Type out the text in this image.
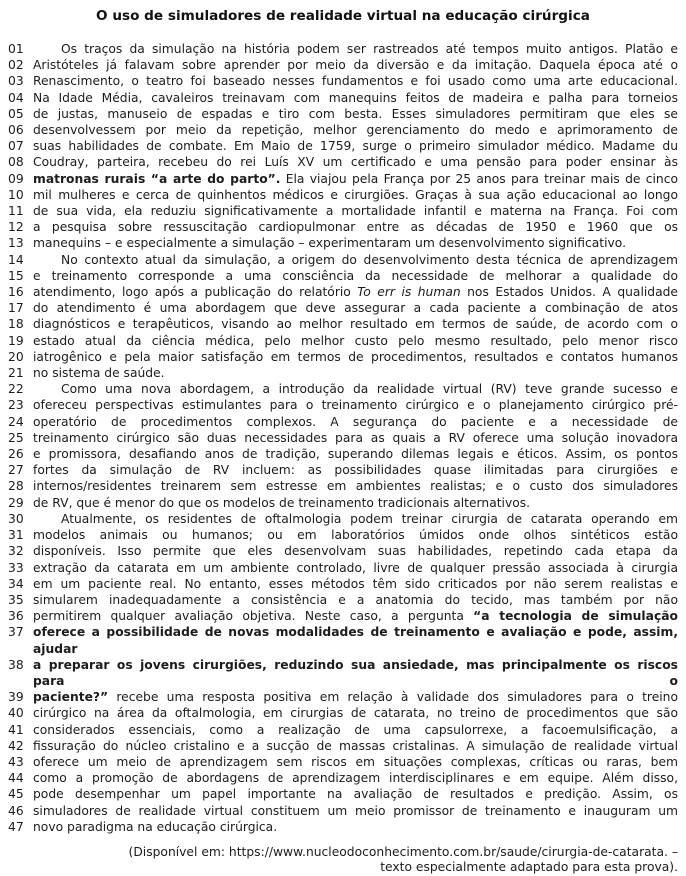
O uso de simuladores de realidade virtual na educação cirúrgica
01	Os traços da simulação na história podem ser rastreados até tempos muito antigos. Platão e
02 Aristóteles já falavam sobre aprender por meio da diversão e da imitação. Daquela época até o
03 Renascimento, o teatro foi baseado nesses fundamentos e foi usado como uma arte educacional.
04 Na Idade Média, cavaleiros treinavam com manequins feitos de madeira e palha para torneios
05 de justas, manuseio de espadas e tiro com besta. Esses simuladores permitiram que eles se
06 desenvolvessem por meio da repetição, melhor gerenciamento do medo e aprimoramento de
07 suas habilidades de combate. Em Maio de 1759, surge o primeiro simulador médico. Madame du
08 Coudray, parteira, recebeu do rei Luís XV um certificado e uma pensão para poder ensinar às
09 matronas rurais “a arte do parto”. Ela viajou pela França por 25 anos para treinar mais de cinco
10 mil mulheres e cerca de quinhentos médicos e cirurgiões. Graças à sua ação educacional ao longo
11 de sua vida, ela reduziu significativamente a mortalidade infantil e materna na França. Foi com
12 a pesquisa sobre ressuscitação cardiopulmonar entre as décadas de 1950 e 1960 que os
13 manequins – e especialmente a simulação – experimentaram um desenvolvimento significativo.
14	No contexto atual da simulação, a origem do desenvolvimento desta técnica de aprendizagem
15 e treinamento corresponde a uma consciência da necessidade de melhorar a qualidade do
16 atendimento, logo após a publicação do relatório To err is human nos Estados Unidos. A qualidade
17 do atendimento é uma abordagem que deve assegurar a cada paciente a combinação de atos
18 diagnósticos e terapêuticos, visando ao melhor resultado em termos de saúde, de acordo com o
19 estado atual da ciência médica, pelo melhor custo pelo mesmo resultado, pelo menor risco
20 iatrogênico e pela maior satisfação em termos de procedimentos, resultados e contatos humanos
21 no sistema de saúde.
22	Como uma nova abordagem, a introdução da realidade virtual (RV) teve grande sucesso e
23 ofereceu perspectivas estimulantes para o treinamento cirúrgico e o planejamento cirúrgico pré-
24 operatório de procedimentos complexos. A segurança do paciente e a necessidade de
25 treinamento cirúrgico são duas necessidades para as quais a RV oferece uma solução inovadora
26 e promissora, desafiando anos de tradição, superando dilemas legais e éticos. Assim, os pontos
27 fortes da simulação de RV incluem: as possibilidades quase ilimitadas para cirurgiões e
28 internos/residentes treinarem sem estresse em ambientes realistas; e o custo dos simuladores
29 de RV, que é menor do que os modelos de treinamento tradicionais alternativos.
30	Atualmente, os residentes de oftalmologia podem treinar cirurgia de catarata operando em
31 modelos animais ou humanos; ou em laboratórios úmidos onde olhos sintéticos estão
32 disponíveis. Isso permite que eles desenvolvam suas habilidades, repetindo cada etapa da
33 extração da catarata em um ambiente controlado, livre de qualquer pressão associada à cirurgia
34 em um paciente real. No entanto, esses métodos têm sido criticados por não serem realistas e
35 simularem inadequadamente a consistência e a anatomia do tecido, mas também por não
36 permitirem qualquer avaliação objetiva. Neste caso, a pergunta “a tecnologia de simulação
37 oferece a possibilidade de novas modalidades de treinamento e avaliação e pode, assim, ajudar
38 a preparar os jovens cirurgiões, reduzindo sua ansiedade, mas principalmente os riscos para o
39 paciente?” recebe uma resposta positiva em relação à validade dos simuladores para o treino
40 cirúrgico na área da oftalmologia, em cirurgias de catarata, no treino de procedimentos que são
41 considerados essenciais, como a realização de uma capsulorrexe, a facoemulsificação, a
42 fissuração do núcleo cristalino e a sucção de massas cristalinas. A simulação de realidade virtual
43 oferece um meio de aprendizagem sem riscos em situações complexas, críticas ou raras, bem
44 como a promoção de abordagens de aprendizagem interdisciplinares e em equipe. Além disso,
45 pode desempenhar um papel importante na avaliação de resultados e predição. Assim, os
46 simuladores de realidade virtual constituem um meio promissor de treinamento e inauguram um
47 novo paradigma na educação cirúrgica.
(Disponível em: https://www.nucleodoconhecimento.com.br/saude/cirurgia-de-catarata. –
texto especialmente adaptado para esta prova).
